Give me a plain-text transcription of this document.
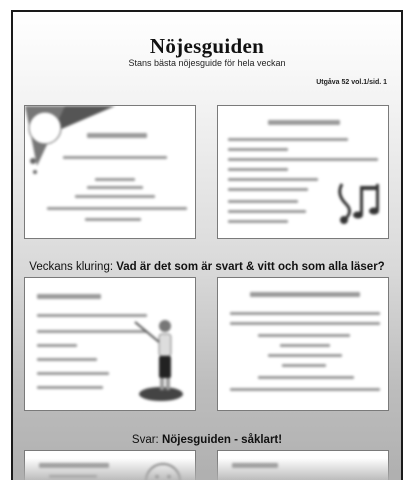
Nöjesguiden
Stans bästa nöjesguide för hela veckan
Utgåva 52 vol.1/sid. 1

Veckans kluring: Vad är det som är svart & vitt och som alla läser?
Svar: Nöjesguiden - såklart!
